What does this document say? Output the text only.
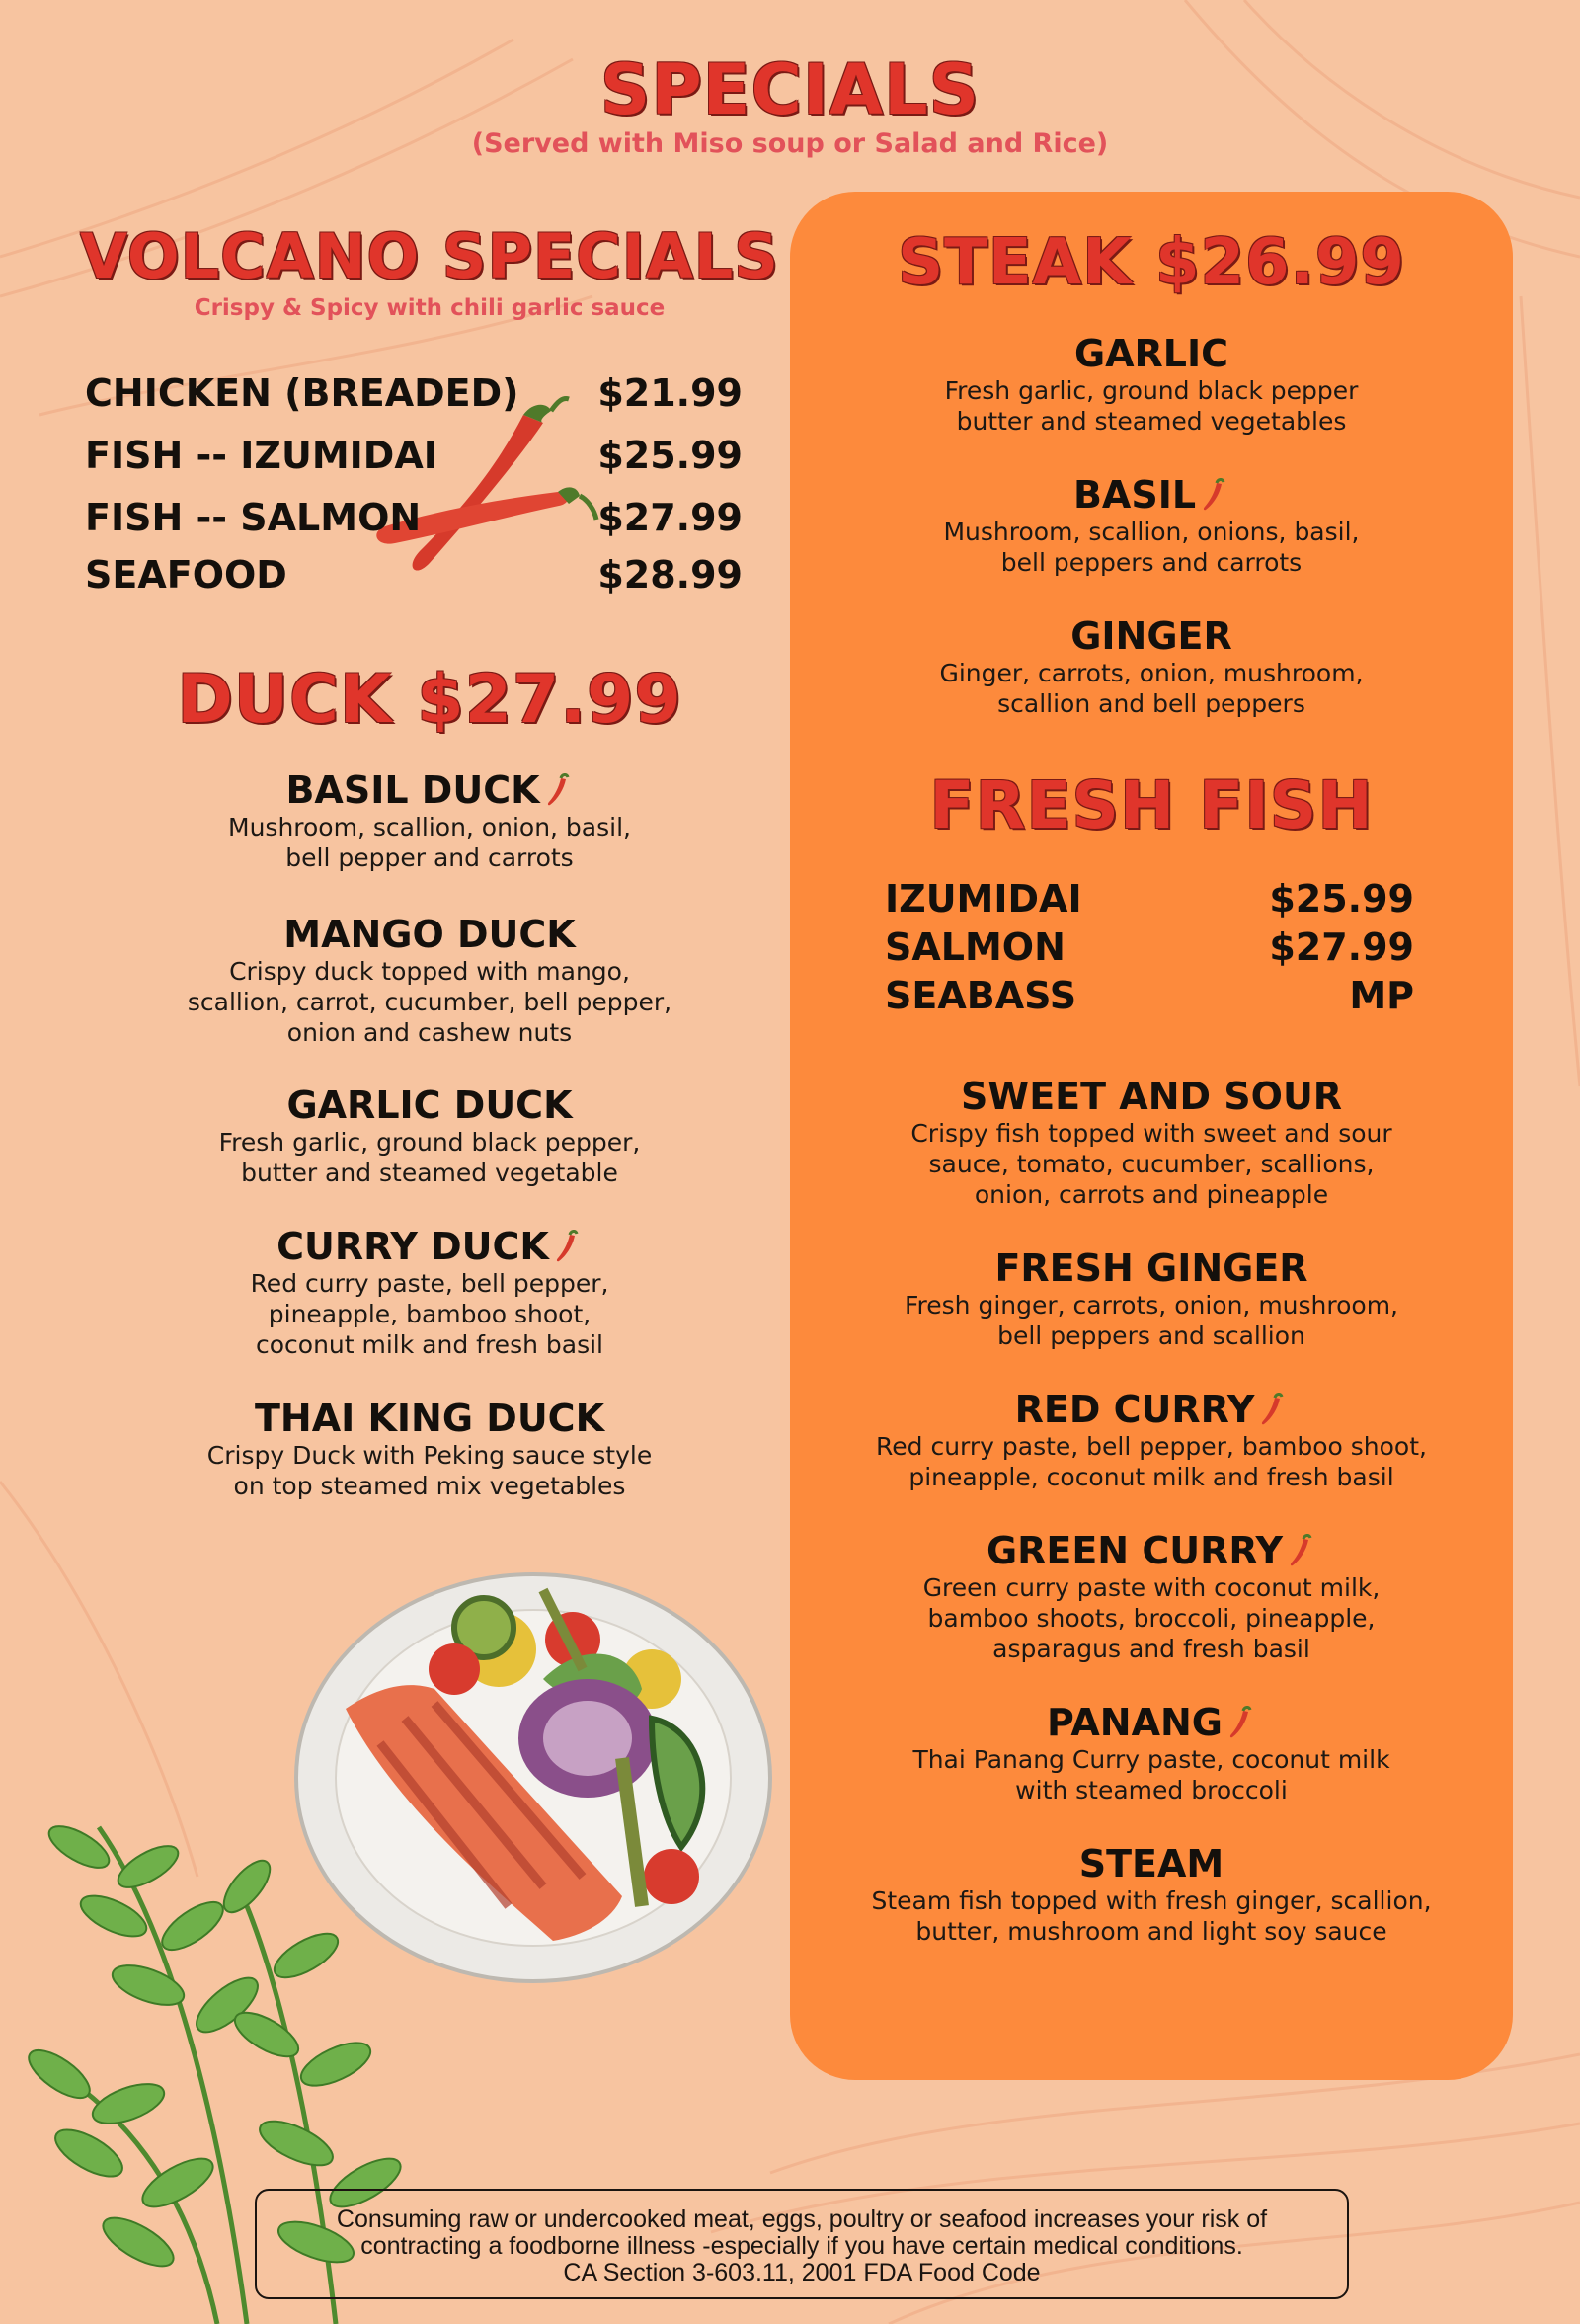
SPECIALS
(Served with Miso soup or Salad and Rice)
VOLCANO SPECIALS
Crispy & Spicy with chili garlic sauce
CHICKEN (BREADED) $21.99
FISH -- IZUMIDAI	$25.99
FISH -- SALMON	$27.99
SEAFOOD	$28.99
DUCK $27.99
BASIL DUCK
Mushroom, scallion, onion, basil,
bell pepper and carrots
MANGO DUCK
Crispy duck topped with mango,
scallion, carrot, cucumber, bell pepper,
onion and cashew nuts
GARLIC DUCK
Fresh garlic, ground black pepper,
butter and steamed vegetable
CURRY DUCK
Red curry paste, bell pepper,
pineapple, bamboo shoot,
coconut milk and fresh basil
THAI KING DUCK
Crispy Duck with Peking sauce style
on top steamed mix vegetables
STEAK $26.99
GARLIC
Fresh garlic, ground black pepper
butter and steamed vegetables
BASIL
Mushroom, scallion, onions, basil,
bell peppers and carrots
GINGER
Ginger, carrots, onion, mushroom,
scallion and bell peppers
FRESH FISH
IZUMIDAI	$25.99
SALMON	$27.99
SEABASS	MP
SWEET AND SOUR
Crispy fish topped with sweet and sour
sauce, tomato, cucumber, scallions,
onion, carrots and pineapple
FRESH GINGER
Fresh ginger, carrots, onion, mushroom,
bell peppers and scallion
RED CURRY
Red curry paste, bell pepper, bamboo shoot,
pineapple, coconut milk and fresh basil
GREEN CURRY
Green curry paste with coconut milk,
bamboo shoots, broccoli, pineapple,
asparagus and fresh basil
PANANG
Thai Panang Curry paste, coconut milk
with steamed broccoli
STEAM
Steam fish topped with fresh ginger, scallion,
butter, mushroom and light soy sauce
Consuming raw or undercooked meat, eggs, poultry or seafood increases your risk of
contracting a foodborne illness -especially if you have certain medical conditions.
CA Section 3-603.11, 2001 FDA Food Code
